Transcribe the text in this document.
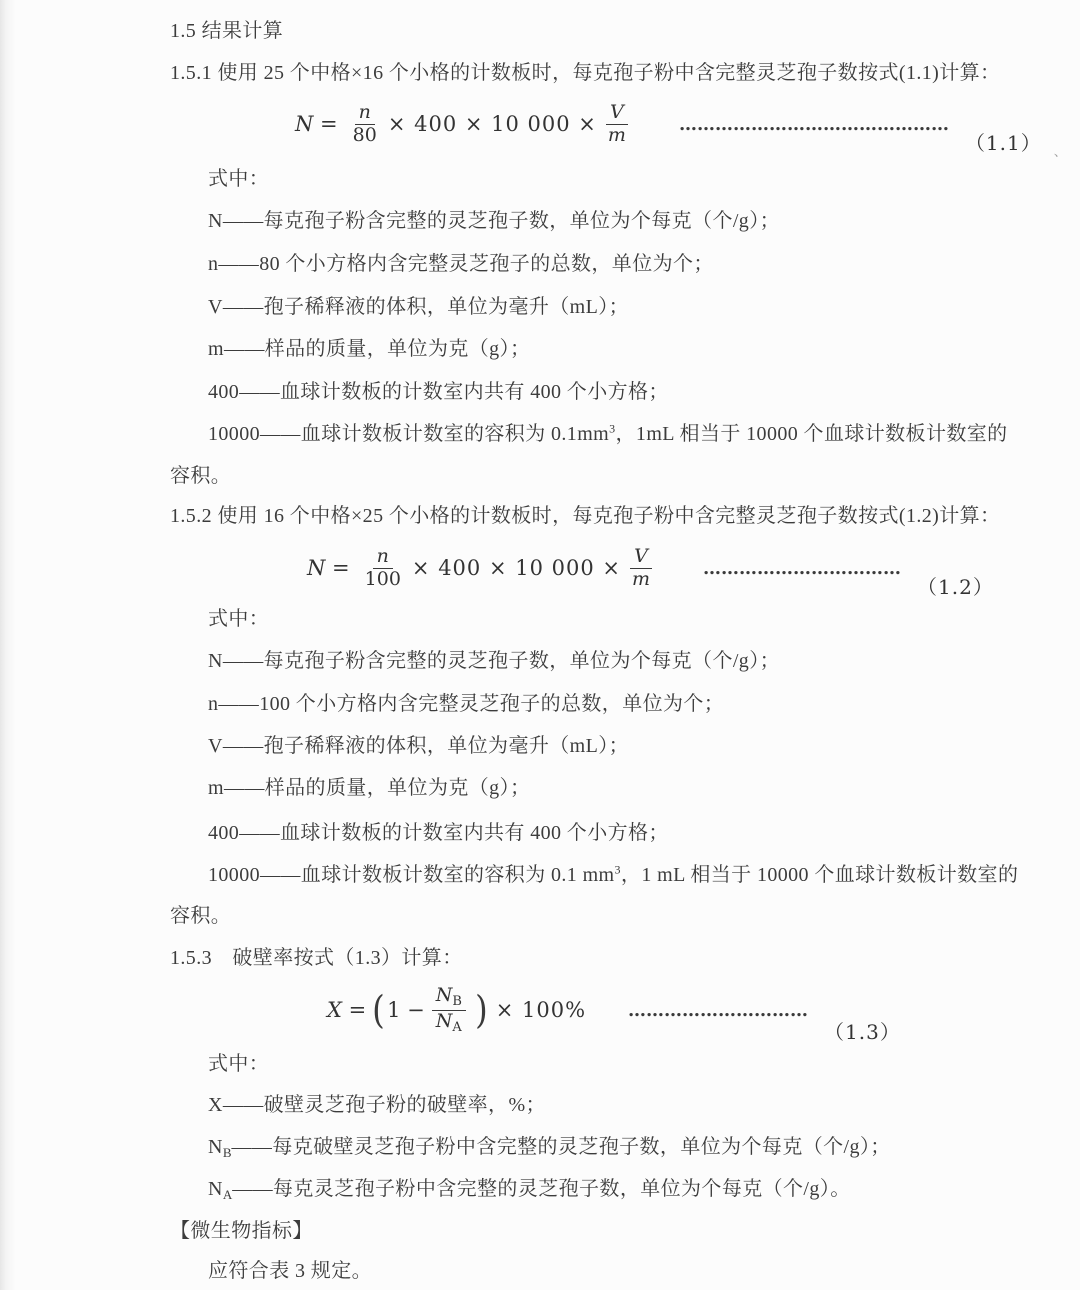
1.5 结果计算
1.5.1 使用 25 个中格×16 个小格的计数板时，每克孢子粉中含完整灵芝孢子数按式(1.1)计算：
$N = \frac{n}{80} \times 400 \times 10$ $000 \times \frac{V}{m}$	………………………………………
（1.1） 、
式中：
N——每克孢子粉含完整的灵芝孢子数，单位为个每克（个/g）；
n——80 个小方格内含完整灵芝孢子的总数，单位为个；
V——孢子稀释液的体积，单位为毫升（mL）；
m——样品的质量，单位为克（g）；
400——血球计数板的计数室内共有 400 个小方格；
10000——血球计数板计数室的容积为 $0.1mm^3$，1mL 相当于 10000 个血球计数板计数室的
容积。
1.5.2 使用 16 个中格×25 个小格的计数板时，每克孢子粉中含完整灵芝孢子数按式(1.2)计算：
$N = \frac{n}{100} \times 400 \times 10$ $000 \times \frac{V}{m}$	……………………………
（1.2）
式中：
N——每克孢子粉含完整的灵芝孢子数，单位为个每克（个/g）；
n——100 个小方格内含完整灵芝孢子的总数，单位为个；
V——孢子稀释液的体积，单位为毫升（mL）；
m——样品的质量，单位为克（g）；
400——血球计数板的计数室内共有 400 个小方格；
10000——血球计数板计数室的容积为 0.1 $mm^3$，1 mL 相当于 10000 个血球计数板计数室的
容积。
1.5.3　破壁率按式（1.3）计算：
X = ( $1 - \frac{N_B}{N_A}$ ) × 100% …………………………
（1.3）
式中：
X——破壁灵芝孢子粉的破壁率，%；
$N_B——$每克破壁灵芝孢子粉中含完整的灵芝孢子数，单位为个每克（个/g）；
$N_A——$每克灵芝孢子粉中含完整的灵芝孢子数，单位为个每克（个/g）。
【微生物指标】
应符合表 3 规定。
